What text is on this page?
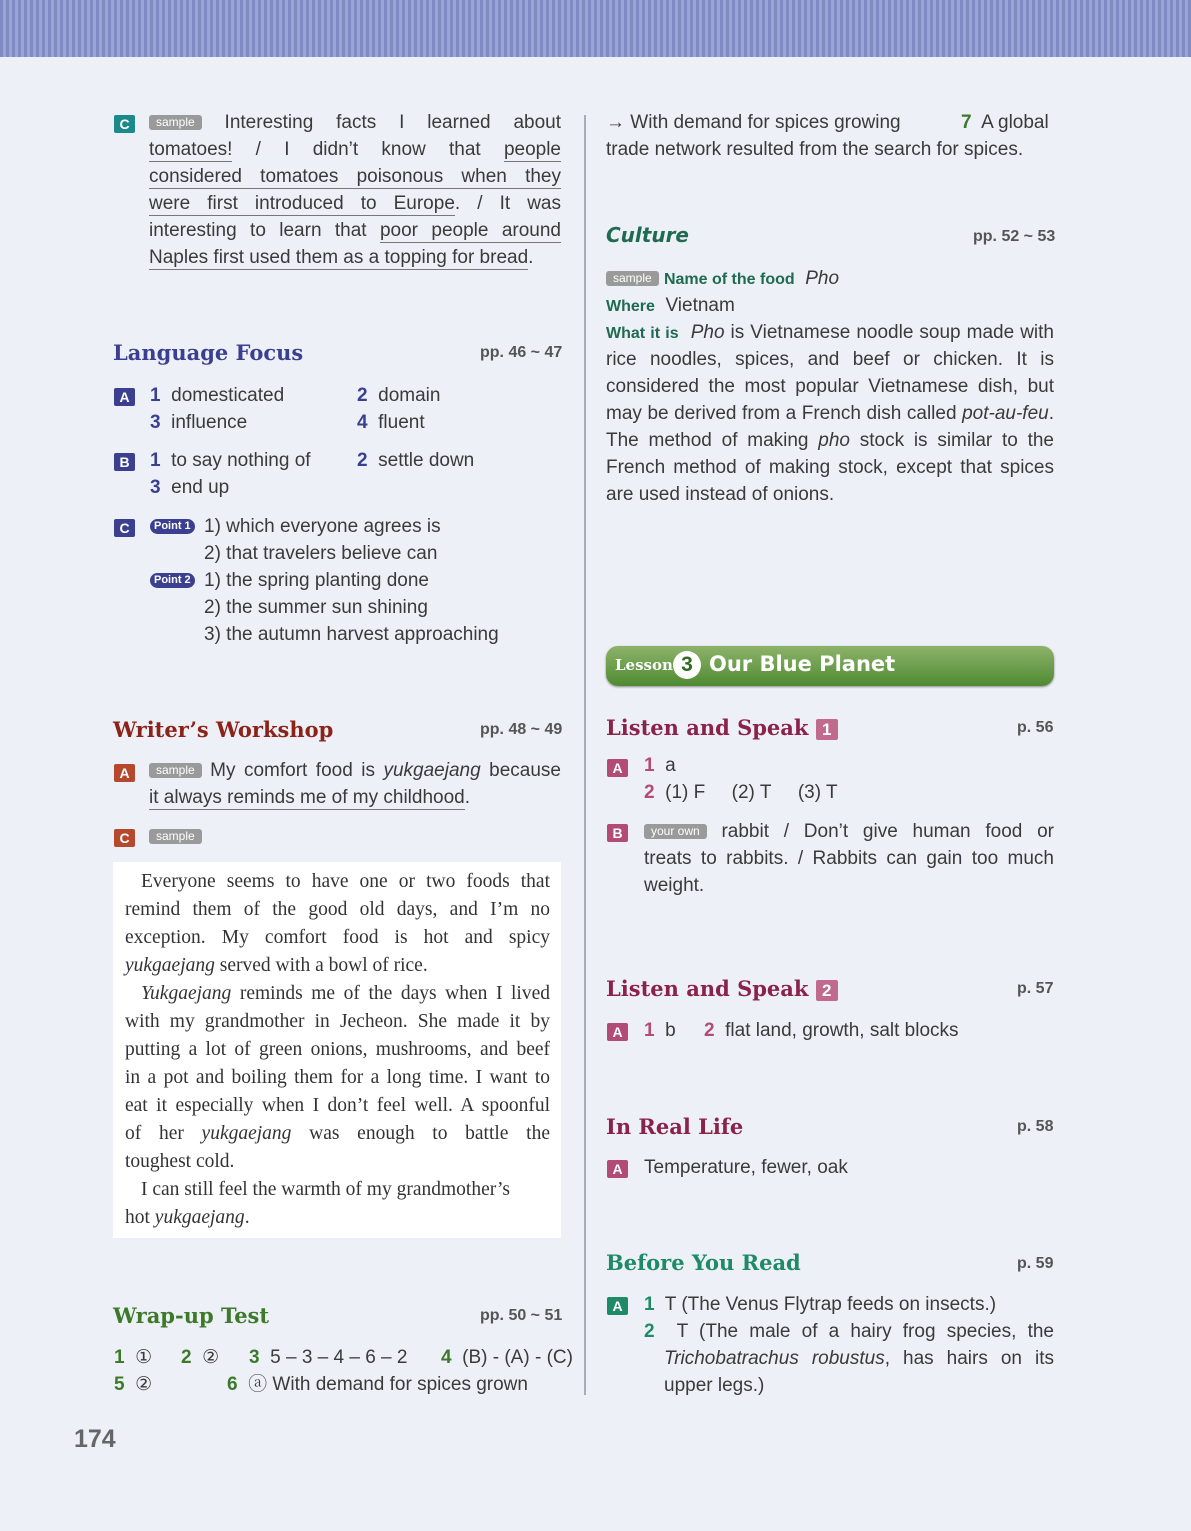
C	sample Interesting facts I learned about
tomatoes! / I didn’t know that people
considered tomatoes poisonous when they
were first introduced to Europe. / It was
interesting to learn that poor people around
Naples first used them as a topping for bread.
Language Focus	pp. 46 ~ 47
A 1 domesticated	2 domain
3 influence	4 fluent
B 1 to say nothing of 2 settle down
3 end up
C	Point 1 1) which everyone agrees is
2) that travelers believe can
Point 2 1) the spring planting done
2) the summer sun shining
3) the autumn harvest approaching
Writer’s Workshop	pp. 48 ~ 49
A	sample My comfort food is yukgaejang because
it always reminds me of my childhood.
C	sample

Everyone seems to have one or two foods that

remind them of the good old days, and I’m no

exception. My comfort food is hot and spicy

yukgaejang served with a bowl of rice.

Yukgaejang reminds me of the days when I lived

with my grandmother in Jecheon. She made it by

putting a lot of green onions, mushrooms, and beef

in a pot and boiling them for a long time. I want to

eat it especially when I don’t feel well. A spoonful

of her yukgaejang was enough to battle the

toughest cold.

I can still feel the warmth of my grandmother’s

hot yukgaejang.

Wrap-up Test	pp. 50 ~ 51
1 ① 2 ② 3 5 – 3 – 4 – 6 – 2 4 (B) - (A) - (C)
5 ②	6 ⓐ With demand for spices grown
174
→ With demand for spices growing	7 A global
trade network resulted from the search for spices.
Culture	pp. 52 ~ 53
sample Name of the food Pho
Where Vietnam
What it is Pho is Vietnamese noodle soup made with
rice noodles, spices, and beef or chicken. It is
considered the most popular Vietnamese dish, but
may be derived from a French dish called pot-au-feu.
The method of making pho stock is similar to the
French method of making stock, except that spices
are used instead of onions.
Lesson 3 Our Blue Planet
Listen and Speak 1	p. 56
A 1 a
2 (1) F (2) T (3) T
B	your own rabbit / Don’t give human food or
treats to rabbits. / Rabbits can gain too much
weight.
Listen and Speak 2	p. 57
A 1 b 2 flat land, growth, salt blocks
In Real Life	p. 58
A Temperature, fewer, oak
Before You Read	p. 59
A 1 T (The Venus Flytrap feeds on insects.)
2 T (The male of a hairy frog species, the
Trichobatrachus robustus, has hairs on its
upper legs.)
